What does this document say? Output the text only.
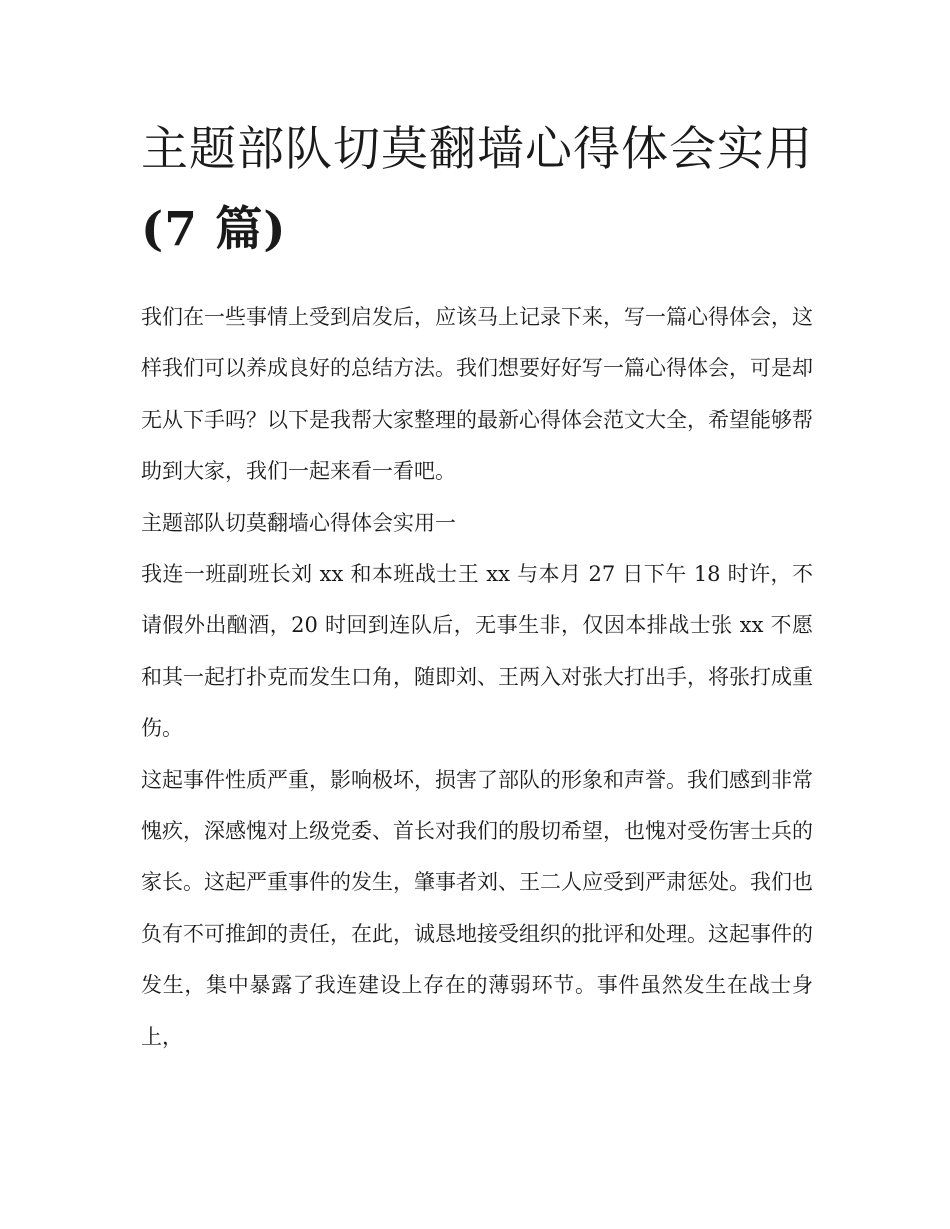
主题部队切莫翻墙心得体会实用(7 篇)

我们在一些事情上受到启发后，应该马上记录下来，写一篇心得体会，这样我们可以养成良好的总结方法。我们想要好好写一篇心得体会，可是却无从下手吗？以下是我帮大家整理的最新心得体会范文大全，希望能够帮助到大家，我们一起来看一看吧。

主题部队切莫翻墙心得体会实用一

我连一班副班长刘 xx 和本班战士王 xx 与本月 27 日下午 18 时许，不请假外出酗酒，20 时回到连队后，无事生非，仅因本排战士张 xx 不愿和其一起打扑克而发生口角，随即刘、王两入对张大打出手，将张打成重伤。

这起事件性质严重，影响极坏，损害了部队的形象和声誉。我们感到非常愧疚，深感愧对上级党委、首长对我们的殷切希望，也愧对受伤害士兵的家长。这起严重事件的发生，肇事者刘、王二人应受到严肃惩处。我们也负有不可推卸的责任，在此，诚恳地接受组织的批评和处理。这起事件的发生，集中暴露了我连建设上存在的薄弱环节。事件虽然发生在战士身上，
